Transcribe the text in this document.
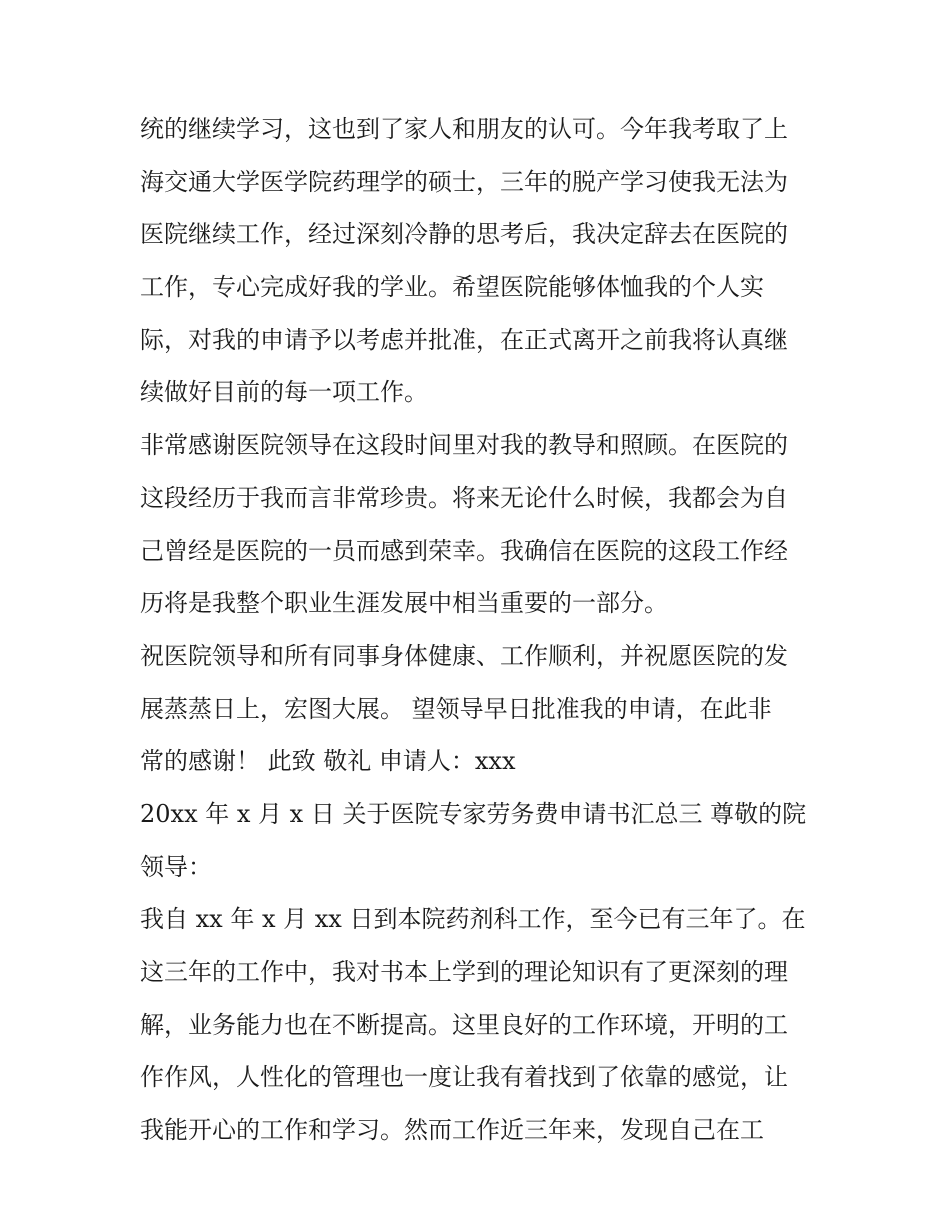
统的继续学习，这也到了家人和朋友的认可。今年我考取了上
海交通大学医学院药理学的硕士，三年的脱产学习使我无法为
医院继续工作，经过深刻冷静的思考后，我决定辞去在医院的
工作，专心完成好我的学业。希望医院能够体恤我的个人实
际，对我的申请予以考虑并批准，在正式离开之前我将认真继
续做好目前的每一项工作。
非常感谢医院领导在这段时间里对我的教导和照顾。在医院的
这段经历于我而言非常珍贵。将来无论什么时候，我都会为自
己曾经是医院的一员而感到荣幸。我确信在医院的这段工作经
历将是我整个职业生涯发展中相当重要的一部分。
祝医院领导和所有同事身体健康、工作顺利，并祝愿医院的发
展蒸蒸日上，宏图大展。 望领导早日批准我的申请，在此非
常的感谢！ 此致 敬礼 申请人：xxx
20xx 年 x 月 x 日 关于医院专家劳务费申请书汇总三 尊敬的院
领导：
我自 xx 年 x 月 xx 日到本院药剂科工作，至今已有三年了。在
这三年的工作中，我对书本上学到的理论知识有了更深刻的理
解，业务能力也在不断提高。这里良好的工作环境，开明的工
作作风，人性化的管理也一度让我有着找到了依靠的感觉，让
我能开心的工作和学习。然而工作近三年来，发现自己在工
